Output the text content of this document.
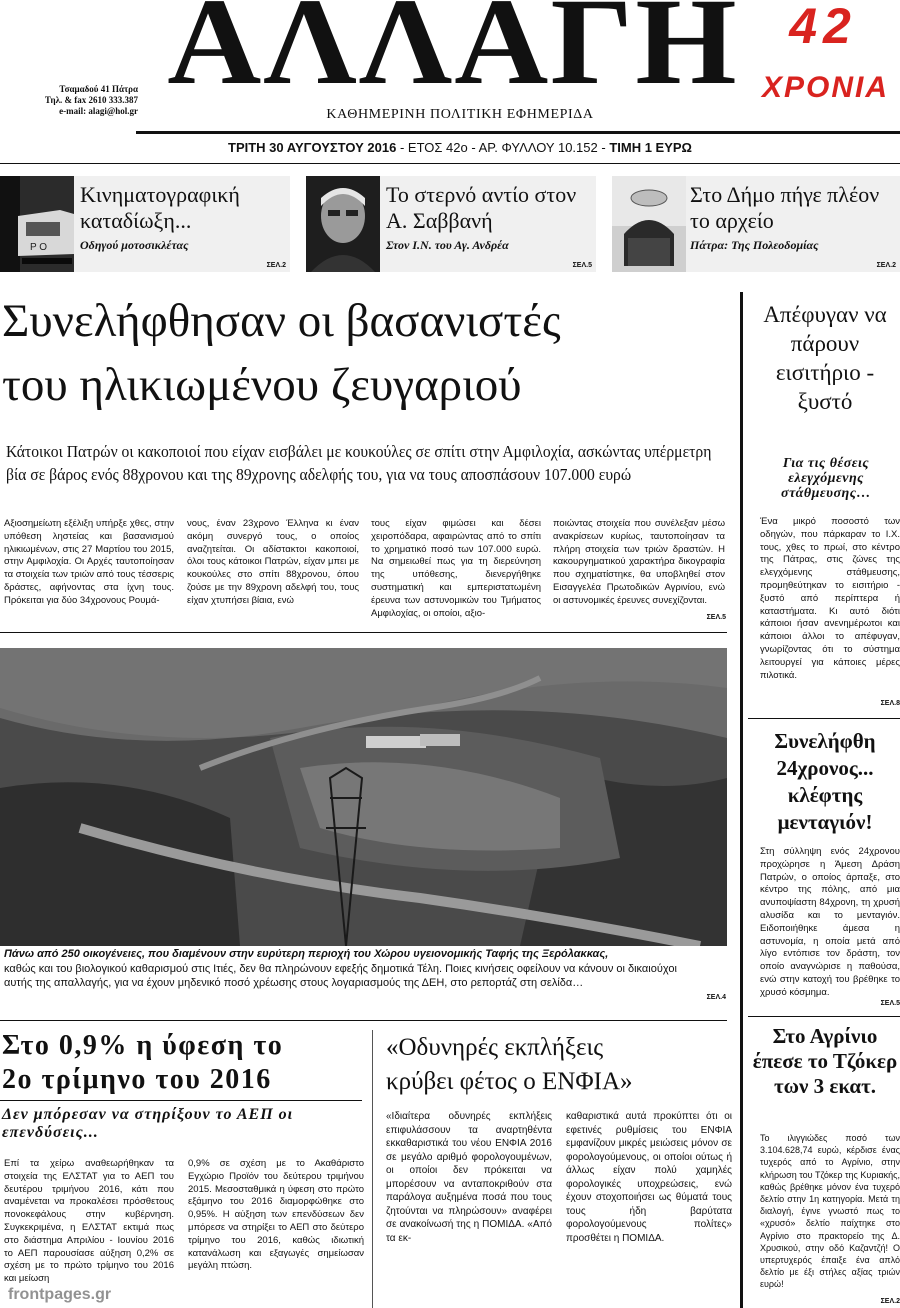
Τσαμαδού 41 Πάτρα
Τηλ. & fax 2610 333.387
e-mail: alagi@hol.gr
ΑΛΛΑΓΗ	42
ΧΡΟΝΙΑ
ΚΑΘΗΜΕΡΙΝΗ ΠΟΛΙΤΙΚΗ ΕΦΗΜΕΡΙΔΑ
ΤΡΙΤΗ 30 ΑΥΓΟΥΣΤΟΥ 2016 - ΕΤΟΣ 42ο - ΑΡ. ΦΥΛΛΟΥ 10.152 - ΤΙΜΗ 1 ΕΥΡΩ
P O
Κινηματογραφική καταδίωξη...
Οδηγού μοτοσικλέτας
ΣΕΛ.2
Το στερνό αντίο στον Α. Σαββανή
Στον Ι.Ν. του Αγ. Ανδρέα
ΣΕΛ.5
Στο Δήμο πήγε πλέον το αρχείο
Πάτρα: Της Πολεοδομίας
ΣΕΛ.2
Συνελήφθησαν οι βασανιστές
του ηλικιωμένου ζευγαριού
Κάτοικοι Πατρών οι κακοποιοί που είχαν εισβάλει με κουκούλες σε σπίτι στην Αμφιλοχία, ασκώντας υπέρμετρη βία σε βάρος ενός 88χρονου και της 89χρονης αδελφής του, για να τους αποσπάσουν 107.000 ευρώ
Αξιοσημείωτη εξέλιξη υπήρξε χθες, στην υπόθεση ληστείας και βασανισμού ηλικιωμένων, στις 27 Μαρτίου του 2015, στην Αμφιλοχία. Οι Αρχές ταυτοποίησαν τα στοιχεία των τριών από τους τέσσερις δράστες, αφήνοντας στα ίχνη τους. Πρόκειται για δύο 34χρονους Ρουμά-
νους, έναν 23χρονο Έλληνα κι έναν ακόμη συνεργό τους, ο οποίος αναζητείται. Οι αδίστακτοι κακοποιοί, όλοι τους κάτοικοι Πατρών, είχαν μπει με κουκούλες στο σπίτι 88χρονου, όπου ζούσε με την 89χρονη αδελφή του, τους είχαν χτυπήσει βίαια, ενώ
τους είχαν φιμώσει και δέσει χειροπόδαρα, αφαιρώντας από το σπίτι το χρηματικό ποσό των 107.000 ευρώ. Να σημειωθεί πως για τη διερεύνηση της υπόθεσης, διενεργήθηκε συστηματική και εμπεριστατωμένη έρευνα των αστυνομικών του Τμήματος Αμφιλοχίας, οι οποίοι, αξιο-
ποιώντας στοιχεία που συνέλεξαν μέσω ανακρίσεων κυρίως, ταυτοποίησαν τα πλήρη στοιχεία των τριών δραστών. Η κακουργηματικού χαρακτήρα δικογραφία που σχηματίστηκε, θα υποβληθεί στον Εισαγγελέα Πρωτοδικών Αγρινίου, ενώ οι αστυνομικές έρευνες συνεχίζονται.
ΣΕΛ.5
Πάνω από 250 οικογένειες, που διαμένουν στην ευρύτερη περιοχή του Χώρου υγειονομικής Ταφής της Ξερόλακκας,
καθώς και του βιολογικού καθαρισμού στις Ιτιές, δεν θα πληρώνουν εφεξής δημοτικά Τέλη. Ποιες κινήσεις οφείλουν να κάνουν οι δικαιούχοι αυτής της απαλλαγής, για να έχουν μηδενικό ποσό χρέωσης στους λογαριασμούς της ΔΕΗ, στο ρεπορτάζ στη σελίδα…
ΣΕΛ.4
Απέφυγαν να πάρουν εισιτήριο - ξυστό
Για τις θέσεις ελεγχόμενης στάθμευσης…
Ένα μικρό ποσοστό των οδηγών, που πάρκαραν το Ι.Χ. τους, χθες το πρωί, στο κέντρο της Πάτρας, στις ζώνες της ελεγχόμενης στάθμευσης, προμηθεύτηκαν το εισιτήριο - ξυστό από περίπτερα ή καταστήματα. Κι αυτό διότι κάποιοι ήσαν ανενημέρωτοι και κάποιοι άλλοι το απέφυγαν, γνωρίζοντας ότι το σύστημα λειτουργεί για κάποιες μέρες πιλοτικά.
ΣΕΛ.8
Συνελήφθη 24χρονος... κλέφτης μενταγιόν!
Στη σύλληψη ενός 24χρονου προχώρησε η Άμεση Δράση Πατρών, ο οποίος άρπαξε, στο κέντρο της πόλης, από μια ανυποψίαστη 84χρονη, τη χρυσή αλυσίδα και το μενταγιόν. Ειδοποιήθηκε άμεσα η αστυνομία, η οποία μετά από λίγο εντόπισε τον δράστη, τον οποίο αναγνώρισε η παθούσα, ενώ στην κατοχή του βρέθηκε το χρυσό κόσμημα.
ΣΕΛ.5
Στο Αγρίνιο έπεσε το Τζόκερ των 3 εκατ.
Το ιλιγγιώδες ποσό των 3.104.628,74 ευρώ, κέρδισε ένας τυχερός από το Αγρίνιο, στην κλήρωση του Τζόκερ της Κυριακής, καθώς βρέθηκε μόνον ένα τυχερό δελτίο στην 1η κατηγορία. Μετά τη διαλογή, έγινε γνωστό πως το «χρυσό» δελτίο παίχτηκε στο Αγρίνιο στο πρακτορείο της Δ. Χρυσικού, στην οδό Καζαντζή! Ο υπερτυχερός έπαιξε ένα απλό δελτίο με έξι στήλες αξίας τριών ευρώ!
ΣΕΛ.2
Στο 0,9% η ύφεση το
2ο τρίμηνο του 2016
Δεν μπόρεσαν να στηρίξουν το ΑΕΠ οι επενδύσεις...
Επί τα χείρω αναθεωρήθηκαν τα στοιχεία της ΕΛΣΤΑΤ για το ΑΕΠ του δευτέρου τριμήνου 2016, κάτι που αναμένεται να προκαλέσει πρόσθετους πονοκεφάλους στην κυβέρνηση. Συγκεκριμένα, η ΕΛΣΤΑΤ εκτιμά πως στο διάστημα Απριλίου - Ιουνίου 2016 το ΑΕΠ παρουσίασε αύξηση 0,2% σε σχέση με το πρώτο τρίμηνο του 2016 και μείωση
0,9% σε σχέση με το Ακαθάριστο Εγχώριο Προϊόν του δεύτερου τριμήνου 2015. Μεσοσταθμικά η ύφεση στο πρώτο εξάμηνο του 2016 διαμορφώθηκε στο 0,95%. Η αύξηση των επενδύσεων δεν μπόρεσε να στηρίξει το ΑΕΠ στο δεύτερο τρίμηνο του 2016, καθώς ιδιωτική κατανάλωση και εξαγωγές σημείωσαν μεγάλη πτώση.
«Οδυνηρές εκπλήξεις
κρύβει φέτος ο ΕΝΦΙΑ»
«Ιδιαίτερα οδυνηρές εκπλήξεις επιφυλάσσουν τα αναρτηθέντα εκκαθαριστικά του νέου ΕΝΦΙΑ 2016 σε μεγάλο αριθμό φορολογουμένων, οι οποίοι δεν πρόκειται να μπορέσουν να ανταποκριθούν στα παράλογα αυξημένα ποσά που τους ζητούνται να πληρώσουν» αναφέρει σε ανακοίνωσή της η ΠΟΜΙΔΑ. «Από τα εκ-
καθαριστικά αυτά προκύπτει ότι οι εφετινές ρυθμίσεις του ΕΝΦΙΑ εμφανίζουν μικρές μειώσεις μόνον σε φορολογούμενους, οι οποίοι ούτως ή άλλως είχαν πολύ χαμηλές φορολογικές υποχρεώσεις, ενώ έχουν στοχοποιήσει ως θύματά τους τους ήδη βαρύτατα φορολογούμενους πολίτες» προσθέτει η ΠΟΜΙΔΑ.
frontpages.gr
